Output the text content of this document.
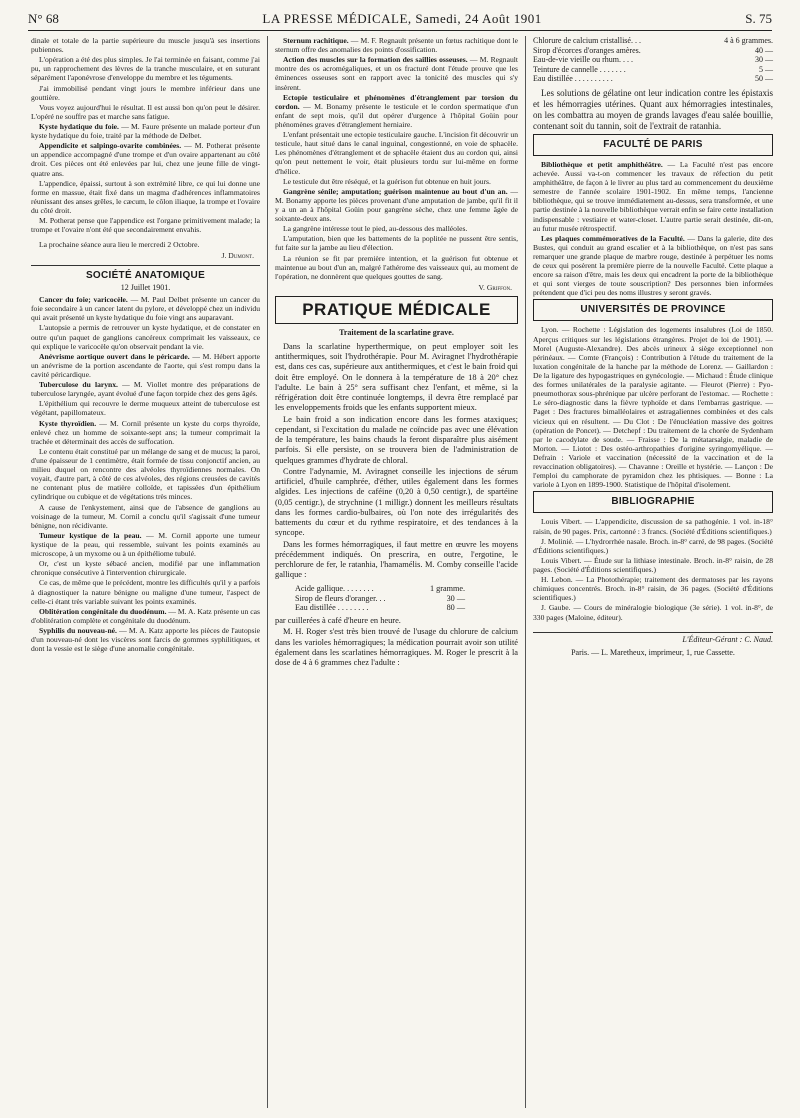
N° 68	LA PRESSE MÉDICALE, Samedi, 24 Août 1901	S. 75

dinale et totale de la partie supérieure du muscle jusqu'à ses insertions pubiennes.

L'opération a été des plus simples. Je l'ai terminée en faisant, comme j'ai pu, un rapprochement des lèvres de la tranche musculaire, et en suturant séparément l'aponévrose d'enveloppe du membre et les téguments.

J'ai immobilisé pendant vingt jours le membre inférieur dans une gouttière.

Vous voyez aujourd'hui le résultat. Il est aussi bon qu'on peut le désirer. L'opéré ne souffre pas et marche sans fatigue.

Kyste hydatique du foie. — M. Faure présente un malade porteur d'un kyste hydatique du foie, traité par la méthode de Delbet.

Appendicite et salpingo-ovarite combinées. — M. Potherat présente un appendice accompagné d'une trompe et d'un ovaire appartenant au côté droit. Ces pièces ont été enlevées par lui, chez une jeune fille de vingt-quatre ans.

L'appendice, épaissi, surtout à son extrémité libre, ce qui lui donne une forme en massue, était fixé dans un magma d'adhérences inflammatoires réunissant des anses grêles, le cæcum, le côlon iliaque, la trompe et l'ovaire du côté droit.

M. Potherat pense que l'appendice est l'organe primitivement malade; la trompe et l'ovaire n'ont été que secondairement envahis.

La prochaine séance aura lieu le mercredi 2 Octobre.

J. Dumont.

SOCIÉTÉ ANATOMIQUE
12 Juillet 1901.

Cancer du foie; varicocèle. — M. Paul Delbet présente un cancer du foie secondaire à un cancer latent du pylore, et développé chez un individu qui avait présenté un kyste hydatique du foie vingt ans auparavant.

L'autopsie a permis de retrouver un kyste hydatique, et de constater en outre qu'un paquet de ganglions cancéreux comprimait les vaisseaux, ce qui explique le varicocèle qu'on observait pendant la vie.

Anévrisme aortique ouvert dans le péricarde. — M. Hébert apporte un anévrisme de la portion ascendante de l'aorte, qui s'est rompu dans la cavité péricardique.

Tuberculose du larynx. — M. Viollet montre des préparations de tuberculose laryngée, ayant évolué d'une façon torpide chez des gens âgés.

L'épithélium qui recouvre le derme muqueux atteint de tuberculose est végétant, papillomateux.

Kyste thyroïdien. — M. Cornil présente un kyste du corps thyroïde, enlevé chez un homme de soixante-sept ans; la tumeur comprimait la trachée et déterminait des accès de suffocation.

Le contenu était constitué par un mélange de sang et de mucus; la paroi, d'une épaisseur de 1 centimètre, était formée de tissu conjonctif ancien, au milieu duquel on rencontre des alvéoles thyroïdiennes normales. On voyait, d'autre part, à côté de ces alvéoles, des régions creusées de cavités ne contenant plus de matière colloïde, et tapissées d'un épithélium cylindrique ou cubique et de végétations très minces.

A cause de l'enkystement, ainsi que de l'absence de ganglions au voisinage de la tumeur, M. Cornil a conclu qu'il s'agissait d'une tumeur bénigne, non récidivante.

Tumeur kystique de la peau. — M. Cornil apporte une tumeur kystique de la peau, qui ressemble, suivant les points examinés au microscope, à un myxome ou à un épithéliome tubulé.

Or, c'est un kyste sébacé ancien, modifié par une inflammation chronique consécutive à l'intervention chirurgicale.

Ce cas, de même que le précédent, montre les difficultés qu'il y a parfois à diagnostiquer la nature bénigne ou maligne d'une tumeur, l'aspect de celle-ci étant très variable suivant les points examinés.

Oblitération congénitale du duodénum. — M. A. Katz présente un cas d'oblitération complète et congénitale du duodénum.

Syphilis du nouveau-né. — M. A. Katz apporte les pièces de l'autopsie d'un nouveau-né dont les viscères sont farcis de gommes syphilitiques, et dont la vessie est le siège d'une anomalie congénitale.

Sternum rachitique. — M. F. Regnault présente un fœtus rachitique dont le sternum offre des anomalies des points d'ossification.

Action des muscles sur la formation des saillies osseuses. — M. Regnault montre des os acromégaliques, et un os fracturé dont l'étude prouve que les éminences osseuses sont en rapport avec la tonicité des muscles qui s'y insèrent.

Ectopie testiculaire et phénomènes d'étranglement par torsion du cordon. — M. Bonamy présente le testicule et le cordon spermatique d'un enfant de sept mois, qu'il dut opérer d'urgence à l'hôpital Goüin pour phénomènes graves d'étranglement herniaire.

L'enfant présentait une ectopie testiculaire gauche. L'incision fit découvrir un testicule, haut situé dans le canal inguinal, congestionné, en voie de sphacèle. Les phénomènes d'étranglement et de sphacèle étaient dus au cordon qui, ainsi qu'on peut nettement le voir, était plusieurs tordu sur lui-même en forme d'hélice.

Le testicule dut être réséqué, et la guérison fut obtenue en huit jours.

Gangrène sénile; amputation; guérison maintenue au bout d'un an. — M. Bonamy apporte les pièces provenant d'une amputation de jambe, qu'il fit il y a un an à l'hôpital Goüin pour gangrène sèche, chez une femme âgée de soixante-deux ans.

La gangrène intéresse tout le pied, au-dessous des malléoles.

L'amputation, bien que les battements de la poplitée ne pussent être sentis, fut faite sur la jambe au lieu d'élection.

La réunion se fit par première intention, et la guérison fut obtenue et maintenue au bout d'un an, malgré l'athérome des vaisseaux qui, au moment de l'opération, ne donnèrent que quelques gouttes de sang.

V. Griffon.

PRATIQUE MÉDICALE
Traitement de la scarlatine grave.

Dans la scarlatine hyperthermique, on peut employer soit les antithermiques, soit l'hydrothérapie. Pour M. Aviragnet l'hydrothérapie est, dans ces cas, supérieure aux antithermiques, et c'est le bain froid qui doit être employé. On le donnera à la température de 18 à 20° chez l'adulte. Le bain à 25° sera suffisant chez l'enfant, et même, si la réfrigération doit être continuée longtemps, il devra être remplacé par les enveloppements froids que les enfants supportent mieux.

Le bain froid a son indication encore dans les formes ataxiques; cependant, si l'excitation du malade ne coïncide pas avec une élévation de la température, les bains chauds la feront disparaître plus aisément parfois. Si elle persiste, on se trouvera bien de l'administration de quelques grammes d'hydrate de chloral.

Contre l'adynamie, M. Aviragnet conseille les injections de sérum artificiel, d'huile camphrée, d'éther, utiles également dans les formes algides. Les injections de caféine (0,20 à 0,50 centigr.), de spartéine (0,05 centigr.), de strychnine (1 milligr.) donnent les meilleurs résultats dans les formes cardio-bulbaires, où l'on note des irrégularités des battements du cœur et du rythme respiratoire, et des tendances à la syncope.

Dans les formes hémorragiques, il faut mettre en œuvre les moyens précédemment indiqués. On prescrira, en outre, l'ergotine, le perchlorure de fer, le ratanhia, l'hamamélis. M. Comby conseille l'acide gallique :

Acide gallique. . . . . . . .	1 gramme.
Sirop de fleurs d'oranger. . .	30 —
Eau distillée . . . . . . . .	80 —

par cuillerées à café d'heure en heure.

M. H. Roger s'est très bien trouvé de l'usage du chlorure de calcium dans les varioles hémorragiques; la médication pourrait avoir son utilité également dans les scarlatines hémorragiques. M. Roger le prescrit à la dose de 4 à 6 grammes chez l'adulte :

Chlorure de calcium cristallisé. . .	4 à 6 grammes.
Sirop d'écorces d'oranges amères.	40 —
Eau-de-vie vieille ou rhum. . . .	30 —
Teinture de cannelle . . . . . . .	5 —
Eau distillée . . . . . . . . . .	50 —

Les solutions de gélatine ont leur indication contre les épistaxis et les hémorragies utérines. Quant aux hémorragies intestinales, on les combattra au moyen de grands lavages d'eau salée bouillie, contenant soit du tannin, soit de l'extrait de ratanhia.

FACULTÉ DE PARIS

Bibliothèque et petit amphithéâtre. — La Faculté n'est pas encore achevée. Aussi va-t-on commencer les travaux de réfection du petit amphithéâtre, de façon à le livrer au plus tard au commencement du deuxième semestre de l'année scolaire 1901-1902. En même temps, l'ancienne bibliothèque, qui se trouve immédiatement au-dessus, sera transformée, et une partie destinée à la nouvelle bibliothèque verrait enfin se faire cette installation indispensable : vestiaire et water-closet. L'autre partie serait destinée, dit-on, au futur musée rétrospectif.

Les plaques commémoratives de la Faculté. — Dans la galerie, dite des Bustes, qui conduit au grand escalier et à la bibliothèque, on n'est pas sans remarquer une grande plaque de marbre rouge, destinée à perpétuer les noms de ceux qui posèrent la première pierre de la nouvelle Faculté. Cette plaque a encore sa raison d'être, mais les deux qui encadrent la porte de la bibliothèque et qui sont vierges de toute souscription? Des personnes bien informées prétendent que d'ici peu des noms illustres y seront gravés.

UNIVERSITÉS DE PROVINCE

Lyon. — Rochette : Législation des logements insalubres (Loi de 1850. Aperçus critiques sur les législations étrangères. Projet de loi de 1901). — Morel (Auguste-Alexandre). Des abcès urineux à siège exceptionnel non périnéaux. — Comte (François) : Contribution à l'étude du traitement de la luxation congénitale de la hanche par la méthode de Lorenz. — Gaillardon : De la ligature des hypogastriques en gynécologie. — Michaud : Étude clinique des formes unilatérales de la paralysie agitante. — Fleurot (Pierre) : Pyo-pneumothorax sous-phrénique par ulcère perforant de l'estomac. — Rochette : Le séro-diagnostic dans la fièvre typhoïde et dans l'embarras gastrique. — Paget : Des fractures bimalléolaires et astragaliennes combinées et des cals vicieux qui en résultent. — Du Clot : De l'énucléation massive des goitres (opération de Poncet). — Detchepf : Du traitement de la chorée de Sydenham par le cacodylate de soude. — Fraisse : De la métatarsalgie, maladie de Morton. — Liotot : Des ostéo-arthropathies d'origine syringomyélique. — Defrain : Variole et vaccination (nécessité de la vaccination et de la revaccination obligatoires). — Chavanne : Oreille et hystérie. — Lançon : De l'emploi du camphorate de pyramidon chez les phtisiques. — Bonne : La variole à Lyon en 1899-1900. Statistique de l'hôpital d'isolement.

BIBLIOGRAPHIE

Louis Vibert. — L'appendicite, discussion de sa pathogénie. 1 vol. in-18° raisin, de 90 pages. Prix, cartonné : 3 francs. (Société d'Éditions scientifiques.)

J. Molinié. — L'hydrorrhée nasale. Broch. in-8° carré, de 98 pages. (Société d'Éditions scientifiques.)

Louis Vibert. — Étude sur la lithiase intestinale. Broch. in-8° raisin, de 28 pages. (Société d'Éditions scientifiques.)

H. Lebon. — La Photothérapie; traitement des dermatoses par les rayons chimiques concentrés. Broch. in-8° raisin, de 36 pages. (Société d'Éditions scientifiques.)

J. Gaube. — Cours de minéralogie biologique (3e série). 1 vol. in-8°, de 330 pages (Maloine, éditeur).

L'Éditeur-Gérant : C. Naud.
Paris. — L. Maretheux, imprimeur, 1, rue Cassette.
